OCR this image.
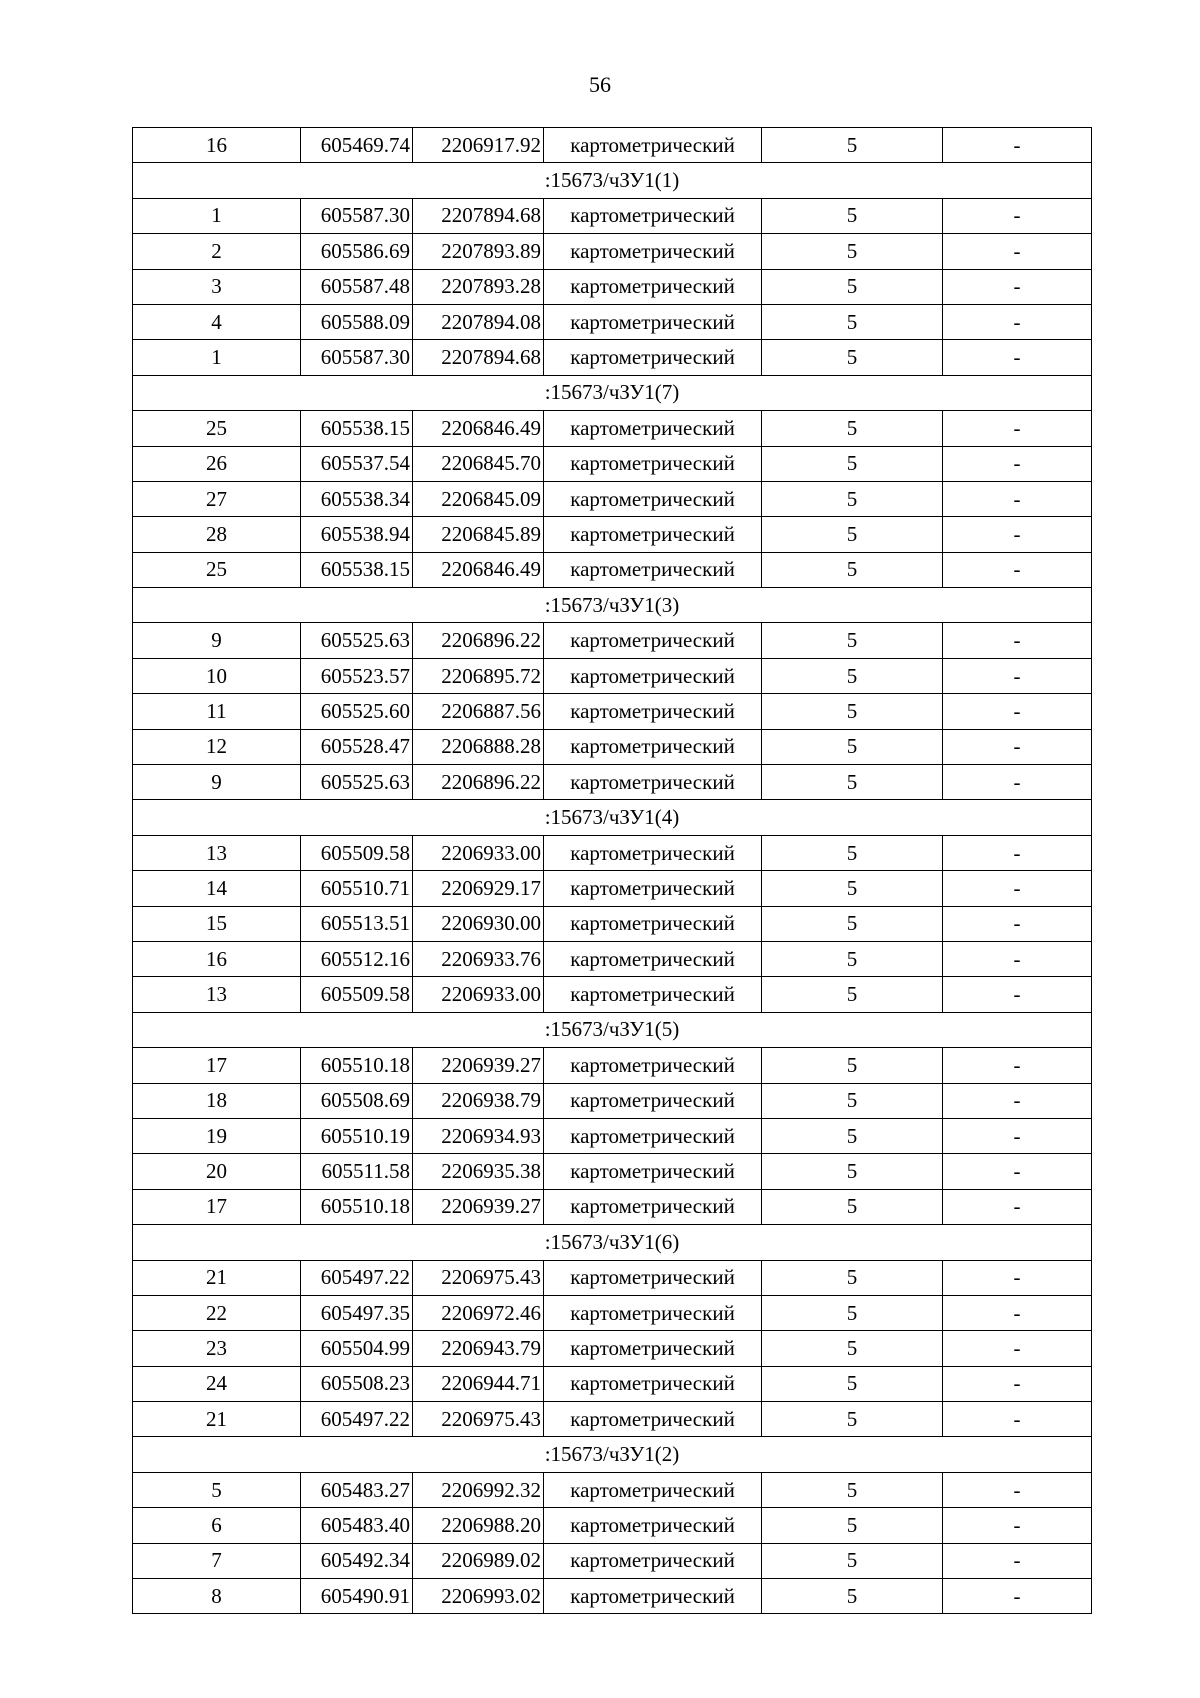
56
16	605469.74	2206917.92	картометрический	5	-
:15673/чЗУ1(1)					
1	605587.30	2207894.68	картометрический	5	-
2	605586.69	2207893.89	картометрический	5	-
3	605587.48	2207893.28	картометрический	5	-
4	605588.09	2207894.08	картометрический	5	-
1	605587.30	2207894.68	картометрический	5	-
:15673/чЗУ1(7)					
25	605538.15	2206846.49	картометрический	5	-
26	605537.54	2206845.70	картометрический	5	-
27	605538.34	2206845.09	картометрический	5	-
28	605538.94	2206845.89	картометрический	5	-
25	605538.15	2206846.49	картометрический	5	-
:15673/чЗУ1(3)					
9	605525.63	2206896.22	картометрический	5	-
10	605523.57	2206895.72	картометрический	5	-
11	605525.60	2206887.56	картометрический	5	-
12	605528.47	2206888.28	картометрический	5	-
9	605525.63	2206896.22	картометрический	5	-
:15673/чЗУ1(4)					
13	605509.58	2206933.00	картометрический	5	-
14	605510.71	2206929.17	картометрический	5	-
15	605513.51	2206930.00	картометрический	5	-
16	605512.16	2206933.76	картометрический	5	-
13	605509.58	2206933.00	картометрический	5	-
:15673/чЗУ1(5)					
17	605510.18	2206939.27	картометрический	5	-
18	605508.69	2206938.79	картометрический	5	-
19	605510.19	2206934.93	картометрический	5	-
20	605511.58	2206935.38	картометрический	5	-
17	605510.18	2206939.27	картометрический	5	-
:15673/чЗУ1(6)					
21	605497.22	2206975.43	картометрический	5	-
22	605497.35	2206972.46	картометрический	5	-
23	605504.99	2206943.79	картометрический	5	-
24	605508.23	2206944.71	картометрический	5	-
21	605497.22	2206975.43	картометрический	5	-
:15673/чЗУ1(2)					
5	605483.27	2206992.32	картометрический	5	-
6	605483.40	2206988.20	картометрический	5	-
7	605492.34	2206989.02	картометрический	5	-
8	605490.91	2206993.02	картометрический	5	-
